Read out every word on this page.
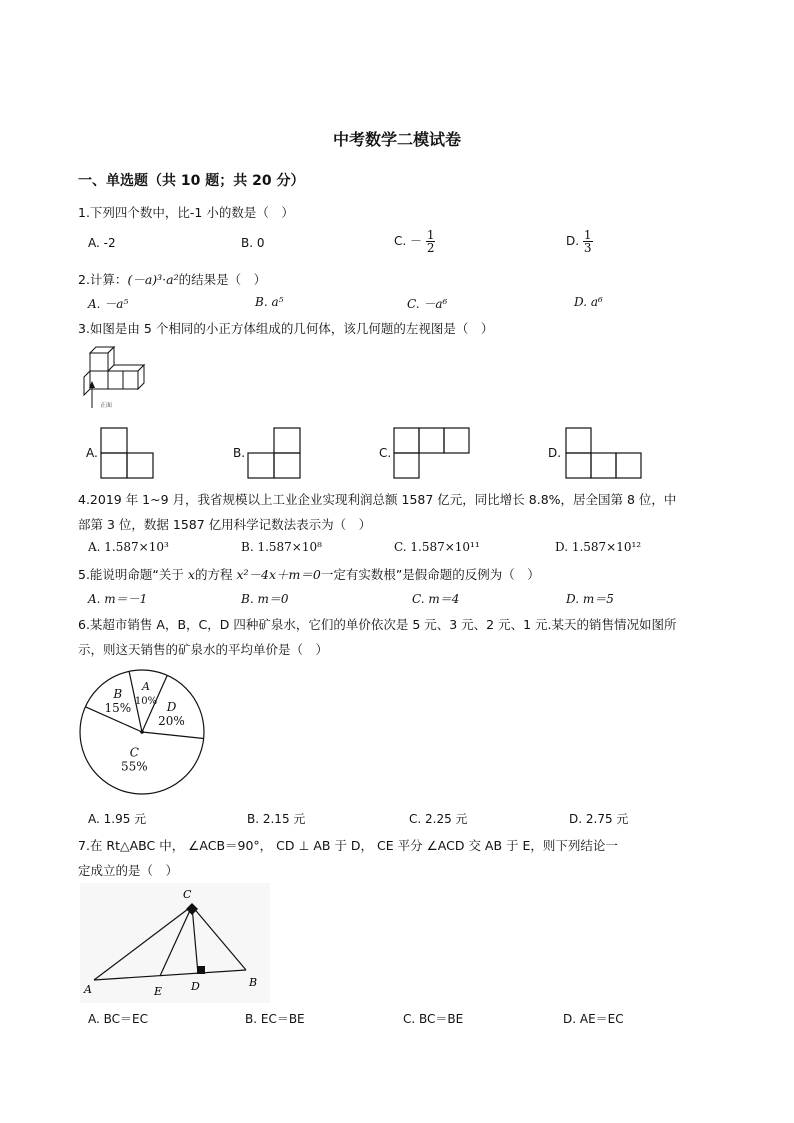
中考数学二模试卷
一、单选题（共 10 题；共 20 分）
1.下列四个数中，比-1 小的数是（　）
A. -2	B. 0	C. － $\frac{1}{2}$	D. $\frac{1}{3}$
2.计算：(－a)³·a²的结果是（　）
A. －a⁵	B. a⁵	C. －a⁶	D. a⁶
3.如图是由 5 个相同的小正方体组成的几何体，该几何题的左视图是（　）
正面
A.	B.	C.	D.
4.2019 年 1~9 月，我省规模以上工业企业实现利润总额 1587 亿元，同比增长 8.8%，居全国第 8 位，中
部第 3 位，数据 1587 亿用科学记数法表示为（　）
A. 1.587×10³	B. 1.587×10⁸	C. 1.587×10¹¹	D. 1.587×10¹²
5.能说明命题“关于 x的方程 x²－4x＋m＝0一定有实数根”是假命题的反例为（　）
A. m＝－1	B. m＝0	C. m＝4	D. m＝5
6.某超市销售 A，B，C，D 四种矿泉水，它们的单价依次是 5 元、3 元、2 元、1 元.某天的销售情况如图所
示，则这天销售的矿泉水的平均单价是（　）
A
10% D
20%
C
55%
B
15%
A. 1.95 元	B. 2.15 元	C. 2.25 元	D. 2.75 元
7.在 Rt△ABC 中， ∠ACB＝90°， CD ⊥ AB 于 D， CE 平分 ∠ACD 交 AB 于 E，则下列结论一
定成立的是（　）
C
A	E	D	B
A. BC＝EC	B. EC＝BE	C. BC＝BE	D. AE＝EC
